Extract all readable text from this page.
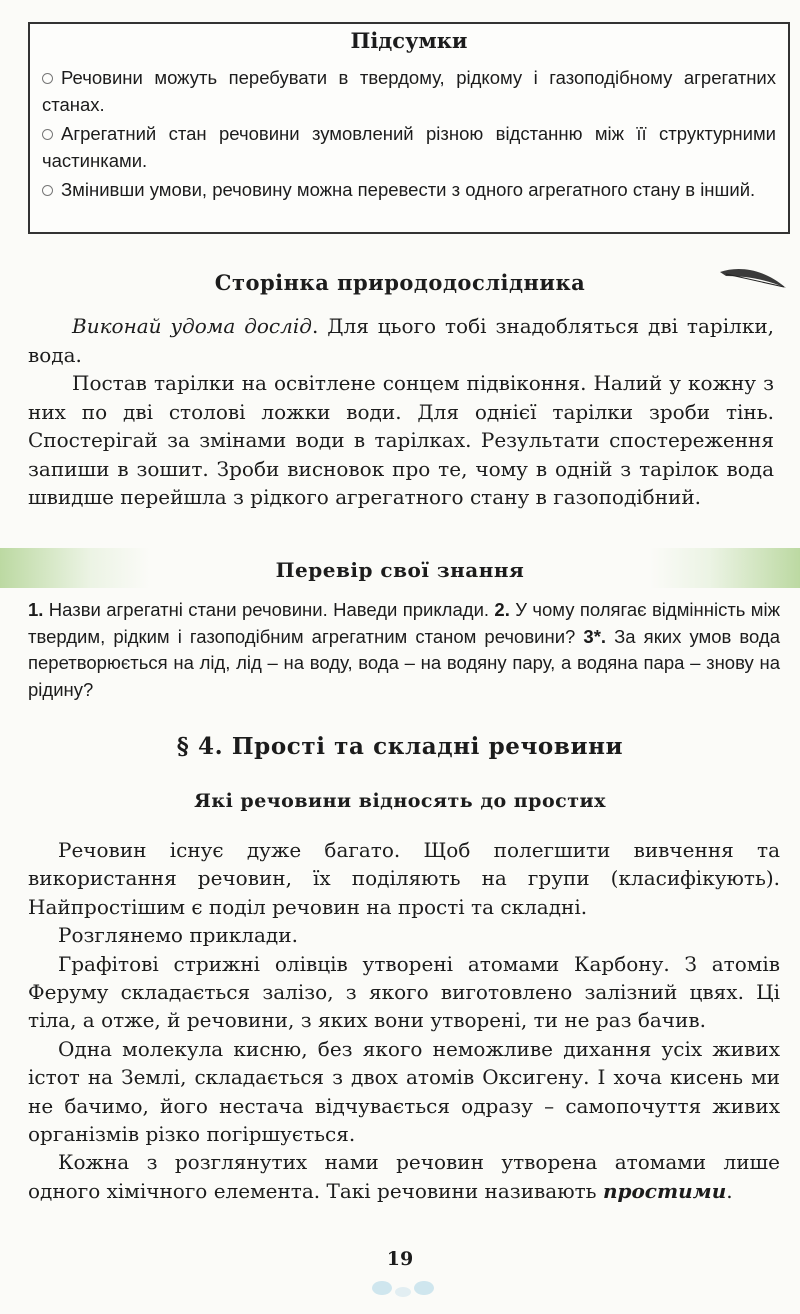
Підсумки
Речовини можуть перебувати в твердому, рідкому і газоподібному агрегатних станах.
Агрегатний стан речовини зумовлений різною відстанню між її структурними частинками.
Змінивши умови, речовину можна перевести з одного агрегатного стану в інший.
Сторінка природодослідника
Виконай удома дослід. Для цього тобі знадобляться дві тарілки, вода.
Постав тарілки на освітлене сонцем підвіконня. Налий у кожну з них по дві столові ложки води. Для однієї тарілки зроби тінь. Спостерігай за змінами води в тарілках. Результати спостереження запиши в зошит. Зроби висновок про те, чому в одній з тарілок вода швидше перейшла з рідкого агрегатного стану в газоподібний.
Перевір свої знання
1. Назви агрегатні стани речовини. Наведи приклади. 2. У чому полягає відмінність між твердим, рідким і газоподібним агрегатним станом речовини? 3*. За яких умов вода перетворюється на лід, лід – на воду, вода – на водяну пару, а водяна пара – знову на рідину?
§ 4. Прості та складні речовини
Які речовини відносять до простих

Речовин існує дуже багато. Щоб полегшити вивчення та використання речовин, їх поділяють на групи (класифікують). Найпростішим є поділ речовин на прості та складні.

Розглянемо приклади.

Графітові стрижні олівців утворені атомами Карбону. З атомів Феруму складається залізо, з якого виготовлено залізний цвях. Ці тіла, а отже, й речовини, з яких вони утворені, ти не раз бачив.

Одна молекула кисню, без якого неможливе дихання усіх живих істот на Землі, складається з двох атомів Оксигену. І хоча кисень ми не бачимо, його нестача відчувається одразу – самопочуття живих організмів різко погіршується.

Кожна з розглянутих нами речовин утворена атомами лише одного хімічного елемента. Такі речовини називають простими.

19
